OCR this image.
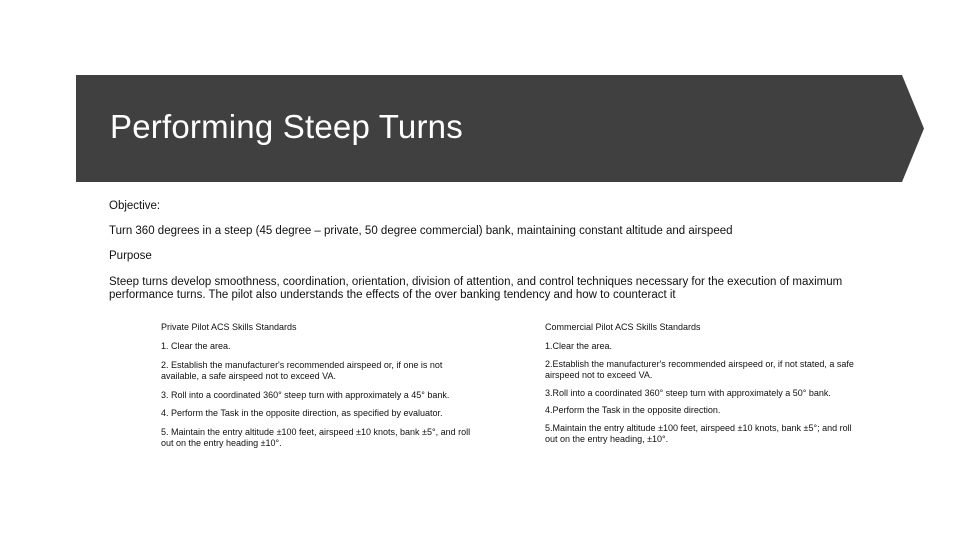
Performing Steep Turns
Objective:
Turn 360 degrees in a steep (45 degree – private, 50 degree commercial) bank, maintaining constant altitude and airspeed
Purpose
Steep turns develop smoothness, coordination, orientation, division of attention, and control techniques necessary for the execution of maximum performance turns. The pilot also understands the effects of the over banking tendency and how to counteract it
Private Pilot ACS Skills Standards
1. Clear the area.
2. Establish the manufacturer's recommended airspeed or, if one is not available, a safe airspeed not to exceed VA.
3. Roll into a coordinated 360° steep turn with approximately a 45° bank.
4. Perform the Task in the opposite direction, as specified by evaluator.
5. Maintain the entry altitude ±100 feet, airspeed ±10 knots, bank ±5°, and roll out on the entry heading ±10°.
Commercial Pilot ACS Skills Standards
1.Clear the area.
2.Establish the manufacturer's recommended airspeed or, if not stated, a safe airspeed not to exceed VA.
3.Roll into a coordinated 360° steep turn with approximately a 50° bank.
4.Perform the Task in the opposite direction.
5.Maintain the entry altitude ±100 feet, airspeed ±10 knots, bank ±5°; and roll out on the entry heading, ±10°.
